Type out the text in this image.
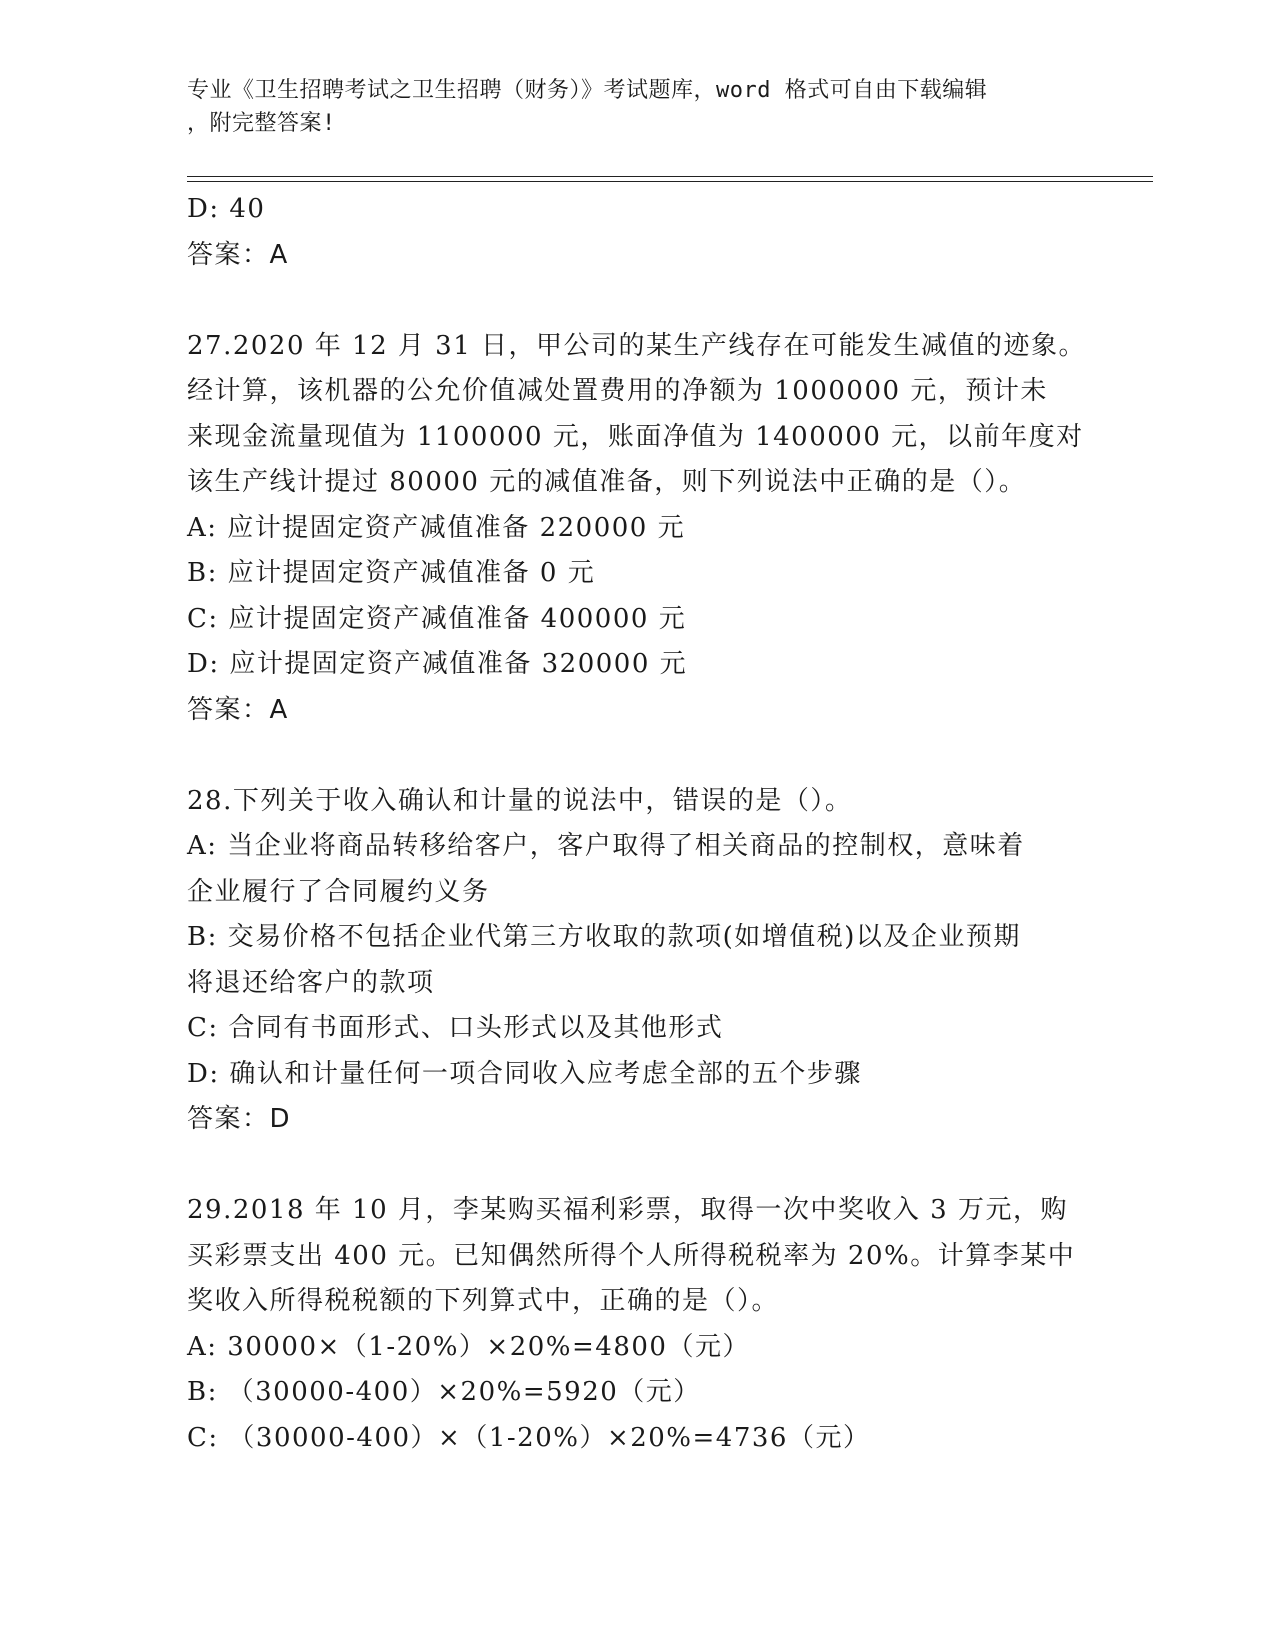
专业《卫生招聘考试之卫生招聘（财务）》考试题库，word 格式可自由下载编辑
，附完整答案!
D: 40
答案：A
27.2020 年 12 月 31 日，甲公司的某生产线存在可能发生减值的迹象。
经计算，该机器的公允价值减处置费用的净额为 1000000 元，预计未
来现金流量现值为 1100000 元，账面净值为 1400000 元，以前年度对
该生产线计提过 80000 元的减值准备，则下列说法中正确的是（）。
A: 应计提固定资产减值准备 220000 元
B: 应计提固定资产减值准备 0 元
C: 应计提固定资产减值准备 400000 元
D: 应计提固定资产减值准备 320000 元
答案：A
28.下列关于收入确认和计量的说法中，错误的是（）。
A: 当企业将商品转移给客户，客户取得了相关商品的控制权，意味着
企业履行了合同履约义务
B: 交易价格不包括企业代第三方收取的款项(如增值税)以及企业预期
将退还给客户的款项
C: 合同有书面形式、口头形式以及其他形式
D: 确认和计量任何一项合同收入应考虑全部的五个步骤
答案：D
29.2018 年 10 月，李某购买福利彩票，取得一次中奖收入 3 万元，购
买彩票支出 400 元。已知偶然所得个人所得税税率为 20%。计算李某中
奖收入所得税税额的下列算式中，正确的是（）。
A: 30000×（1-20%）×20%=4800（元）
B: （30000-400）×20%=5920（元）
C: （30000-400）×（1-20%）×20%=4736（元）
